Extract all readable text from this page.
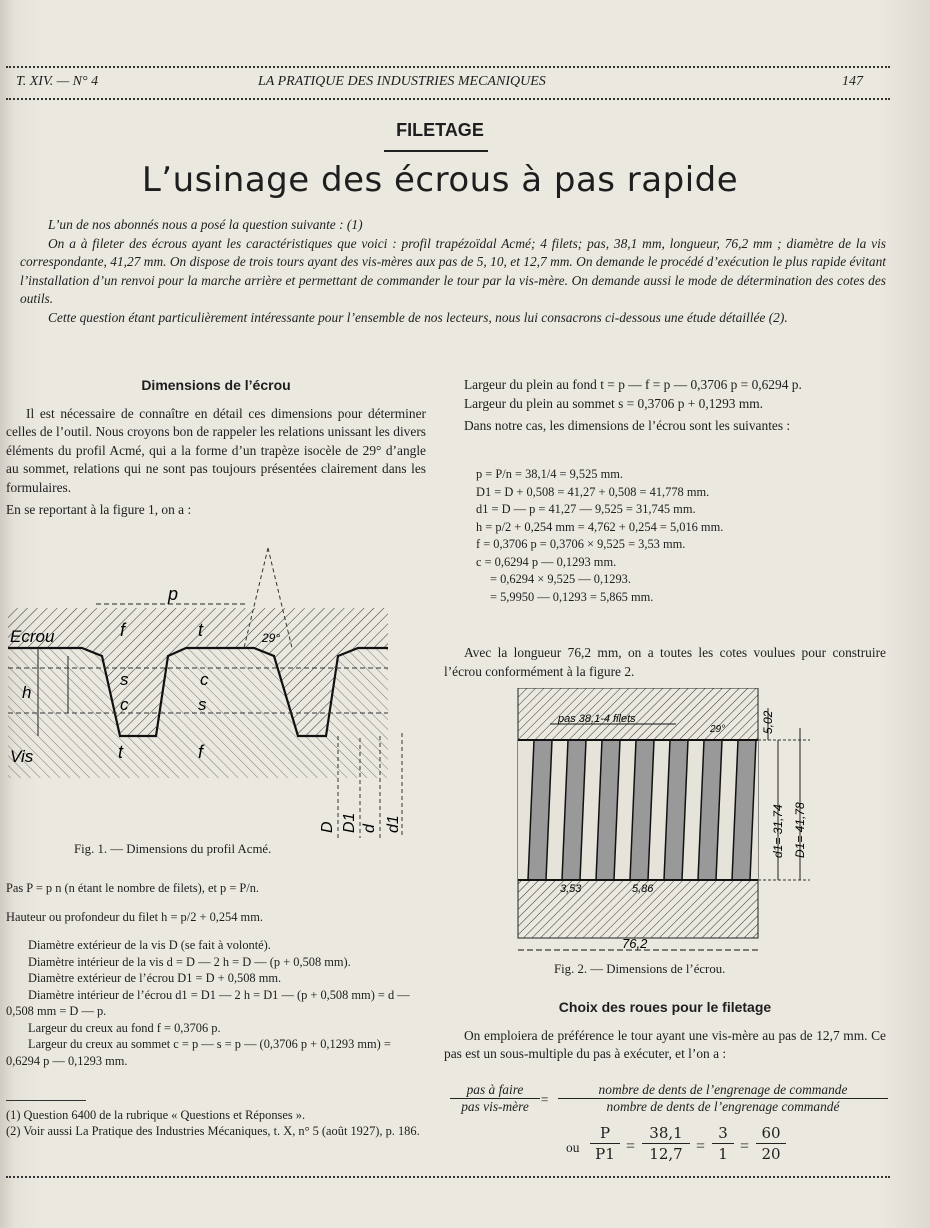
T. XIV. — N° 4	LA PRATIQUE DES INDUSTRIES MECANIQUES	147
FILETAGE
L’usinage des écrous à pas rapide

L’un de nos abonnés nous a posé la question suivante : (1)

On a à fileter des écrous ayant les caractéristiques que voici : profil trapézoïdal Acmé; 4 filets; pas, 38,1 mm, longueur, 76,2 mm ; diamètre de la vis correspondante, 41,27 mm. On dispose de trois tours ayant des vis-mères aux pas de 5, 10, et 12,7 mm. On demande le procédé d’exécution le plus rapide évitant l’installation d’un renvoi pour la marche arrière et permettant de commander le tour par la vis-mère. On demande aussi le mode de détermination des cotes des outils.

Cette question étant particulièrement intéressante pour l’ensemble de nos lecteurs, nous lui consacrons ci-dessous une étude détaillée (2).

Dimensions de l’écrou

Il est nécessaire de connaître en détail ces dimensions pour déterminer celles de l’outil. Nous croyons bon de rappeler les relations unissant les divers éléments du profil Acmé, qui a la forme d’un trapèze isocèle de 29° d’angle au sommet, relations qui ne sont pas toujours présentées clairement dans les formulaires.

En se reportant à la figure 1, on a :

p
f	t	29°
s	c
c	s
h
t	f
Ecrou
Vis
D D1 d d1
Fig. 1. — Dimensions du profil Acmé.

Pas P = p n (n étant le nombre de filets), et p = P/n.

Hauteur ou profondeur du filet h = p/2 + 0,254 mm.

Diamètre extérieur de la vis D (se fait à volonté).

Diamètre intérieur de la vis d = D — 2 h = D — (p + 0,508 mm).

Diamètre extérieur de l’écrou D1 = D + 0,508 mm.

Diamètre intérieur de l’écrou d1 = D1 — 2 h = D1 — (p + 0,508 mm) = d — 0,508 mm = D — p.

Largeur du creux au fond f = 0,3706 p.

Largeur du creux au sommet c = p — s = p — (0,3706 p + 0,1293 mm) = 0,6294 p — 0,1293 mm.

(1) Question 6400 de la rubrique « Questions et Réponses ».

(2) Voir aussi La Pratique des Industries Mécaniques, t. X, n° 5 (août 1927), p. 186.

Largeur du plein au fond t = p — f = p — 0,3706 p = 0,6294 p.

Largeur du plein au sommet s = 0,3706 p + 0,1293 mm.

Dans notre cas, les dimensions de l’écrou sont les suivantes :

p = P/n = 38,1/4 = 9,525 mm.

D1 = D + 0,508 = 41,27 + 0,508 = 41,778 mm.

d1 = D — p = 41,27 — 9,525 = 31,745 mm.

h = p/2 + 0,254 mm = 4,762 + 0,254 = 5,016 mm.

f = 0,3706 p = 0,3706 × 9,525 = 3,53 mm.

c = 0,6294 p — 0,1293 mm.

= 0,6294 × 9,525 — 0,1293.

= 5,9950 — 0,1293 = 5,865 mm.

Avec la longueur 76,2 mm, on a toutes les cotes voulues pour construire l’écrou conformément à la figure 2.

pas 38,1-4 filets
29°	5,02
d1= 31,74 D1= 41,78
3,53	5,86
76,2
Fig. 2. — Dimensions de l’écrou.
Choix des roues pour le filetage

On emploiera de préférence le tour ayant une vis-mère au pas de 12,7 mm. Ce pas est un sous-multiple du pas à exécuter, et l’on a :

pas à faire
pas vis-mère =
nombre de dents de l’engrenage de commande
nombre de dents de l’engrenage commandé
ou
P
P1 =
38,1
12,7 =
3
1 =
60
20
